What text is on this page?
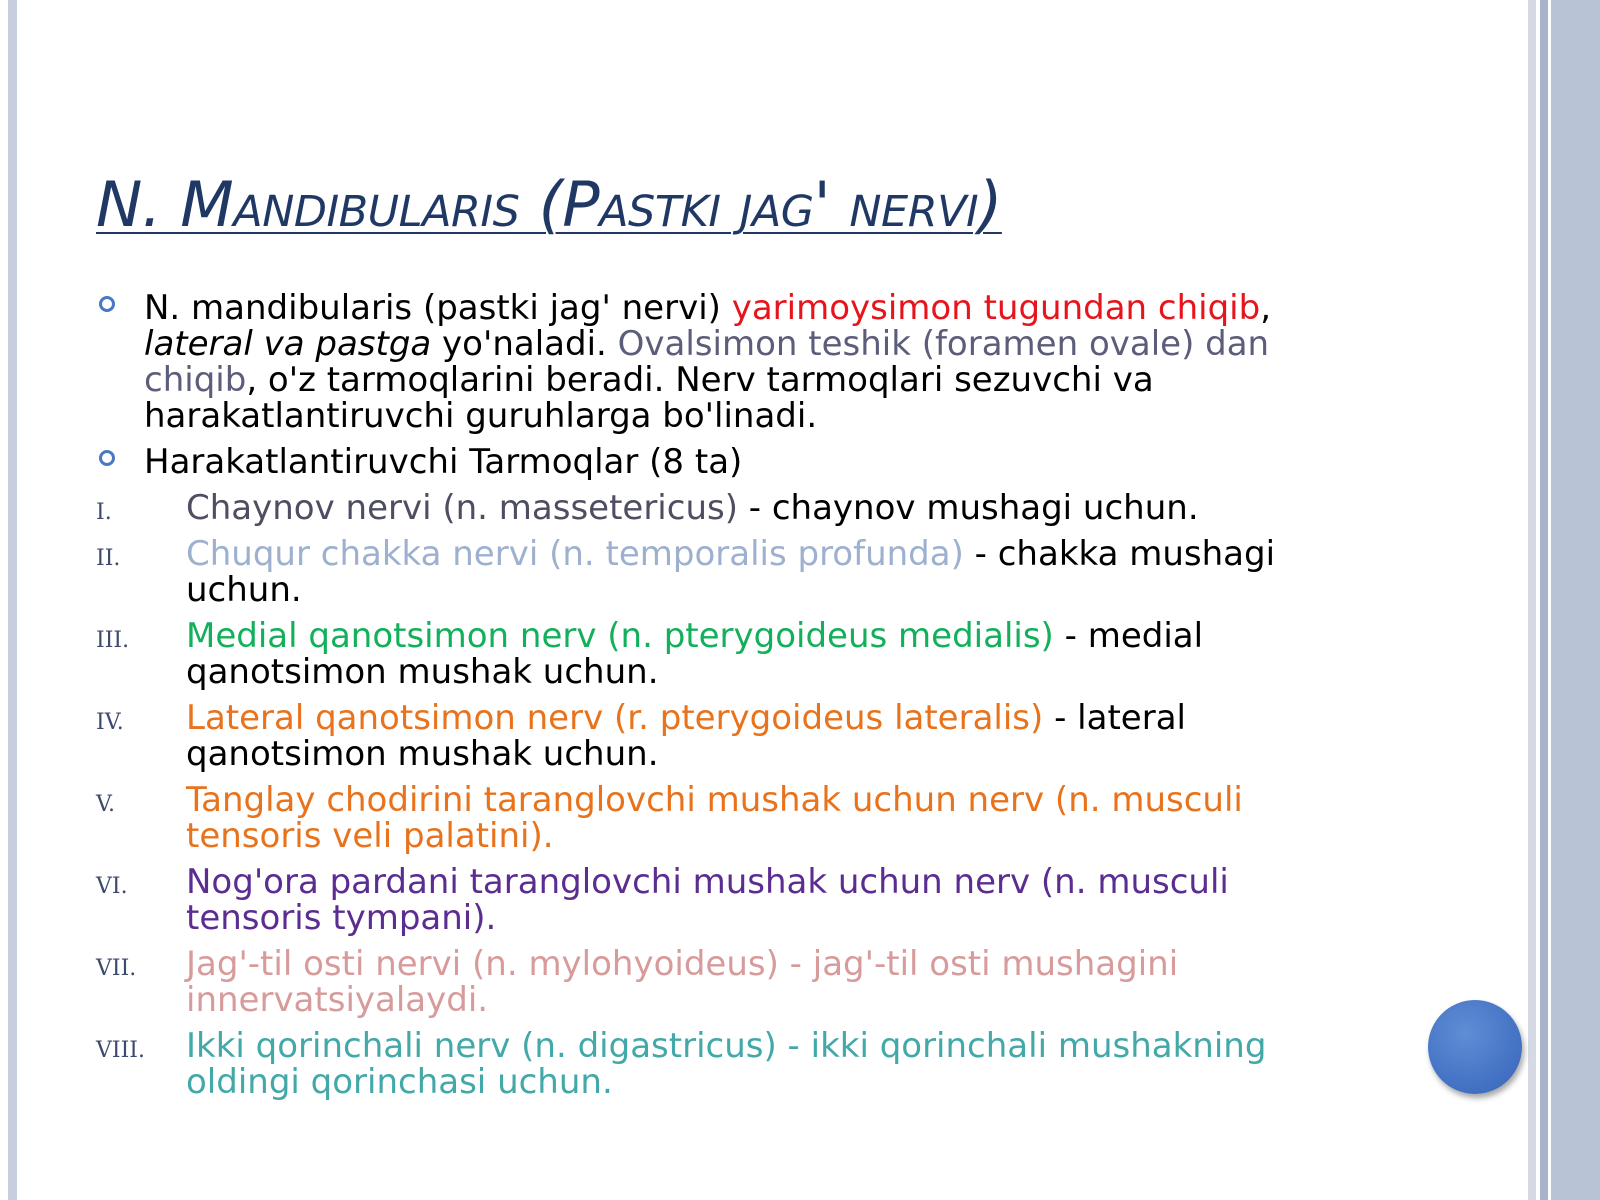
N. Mandibularis (Pastki jag' nervi)
N. mandibularis (pastki jag' nervi) yarimoysimon tugundan chiqib, lateral va pastga yo'naladi. Ovalsimon teshik (foramen ovale) dan chiqib, o'z tarmoqlarini beradi. Nerv tarmoqlari sezuvchi va harakatlantiruvchi guruhlarga bo'linadi.
Harakatlantiruvchi Tarmoqlar (8 ta)
I. Chaynov nervi (n. massetericus) - chaynov mushagi uchun.
II. Chuqur chakka nervi (n. temporalis profunda) - chakka mushagi uchun.
III. Medial qanotsimon nerv (n. pterygoideus medialis) - medial qanotsimon mushak uchun.
IV. Lateral qanotsimon nerv (r. pterygoideus lateralis) - lateral qanotsimon mushak uchun.
V. Tanglay chodirini taranglovchi mushak uchun nerv (n. musculi tensoris veli palatini).
VI. Nog'ora pardani taranglovchi mushak uchun nerv (n. musculi tensoris tympani).
VII. Jag'-til osti nervi (n. mylohyoideus) - jag'-til osti mushagini innervatsiyalaydi.
VIII. Ikki qorinchali nerv (n. digastricus) - ikki qorinchali mushakning oldingi qorinchasi uchun.
